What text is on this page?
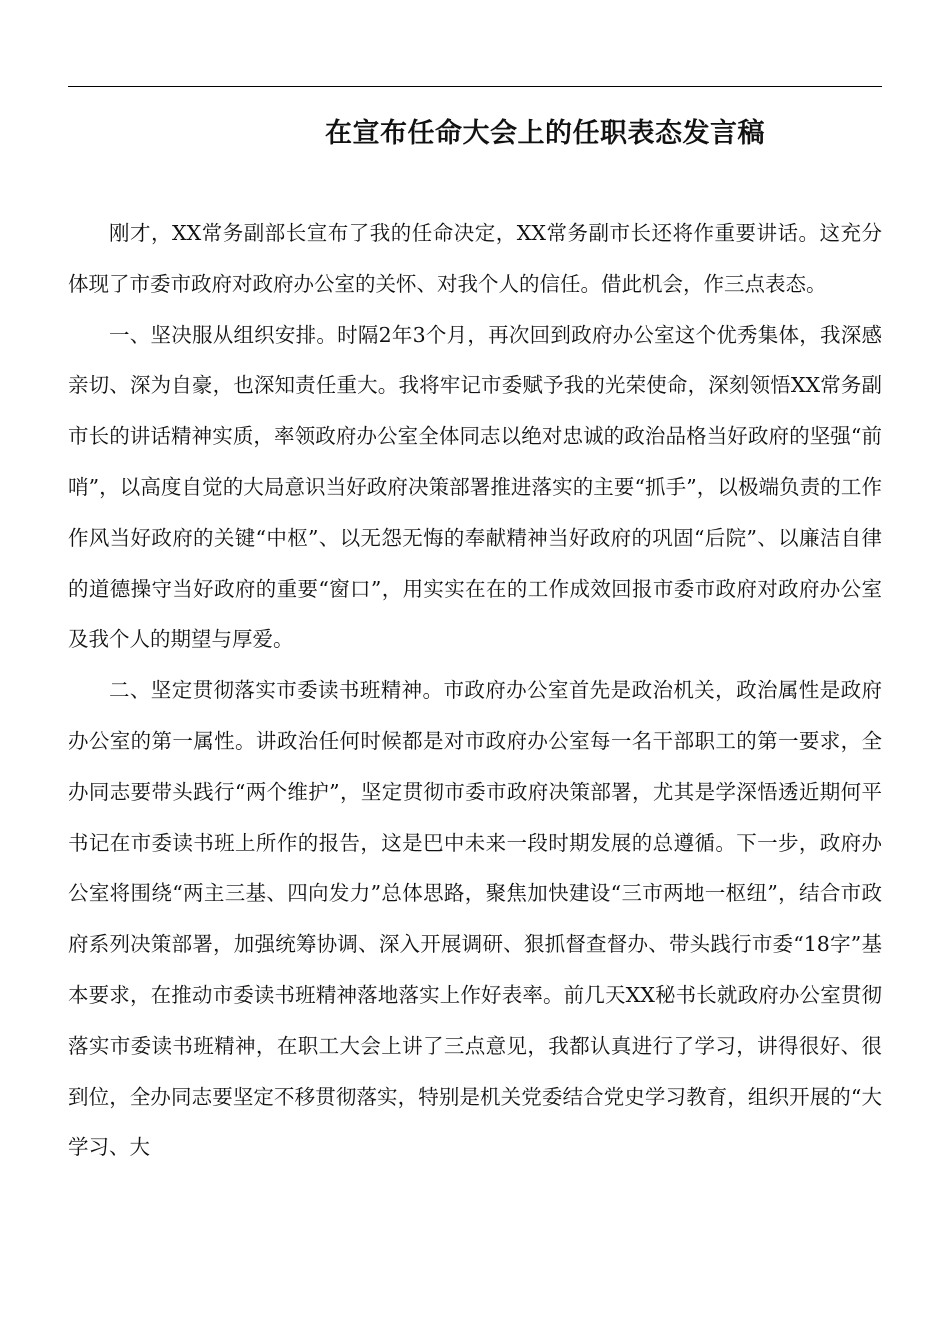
在宣布任命大会上的任职表态发言稿

刚才，XX常务副部长宣布了我的任命决定，XX常务副市长还将作重要讲话。这充分体现了市委市政府对政府办公室的关怀、对我个人的信任。借此机会，作三点表态。

一、坚决服从组织安排。时隔2年3个月，再次回到政府办公室这个优秀集体，我深感亲切、深为自豪，也深知责任重大。我将牢记市委赋予我的光荣使命，深刻领悟XX常务副市长的讲话精神实质，率领政府办公室全体同志以绝对忠诚的政治品格当好政府的坚强“前哨”，以高度自觉的大局意识当好政府决策部署推进落实的主要“抓手”，以极端负责的工作作风当好政府的关键“中枢”、以无怨无悔的奉献精神当好政府的巩固“后院”、以廉洁自律的道德操守当好政府的重要“窗口”，用实实在在的工作成效回报市委市政府对政府办公室及我个人的期望与厚爱。

二、坚定贯彻落实市委读书班精神。市政府办公室首先是政治机关，政治属性是政府办公室的第一属性。讲政治任何时候都是对市政府办公室每一名干部职工的第一要求，全办同志要带头践行“两个维护”，坚定贯彻市委市政府决策部署，尤其是学深悟透近期何平书记在市委读书班上所作的报告，这是巴中未来一段时期发展的总遵循。下一步，政府办公室将围绕“两主三基、四向发力”总体思路，聚焦加快建设“三市两地一枢纽”，结合市政府系列决策部署，加强统筹协调、深入开展调研、狠抓督查督办、带头践行市委“18字”基本要求，在推动市委读书班精神落地落实上作好表率。前几天XX秘书长就政府办公室贯彻落实市委读书班精神，在职工大会上讲了三点意见，我都认真进行了学习，讲得很好、很到位，全办同志要坚定不移贯彻落实，特别是机关党委结合党史学习教育，组织开展的“大学习、大
